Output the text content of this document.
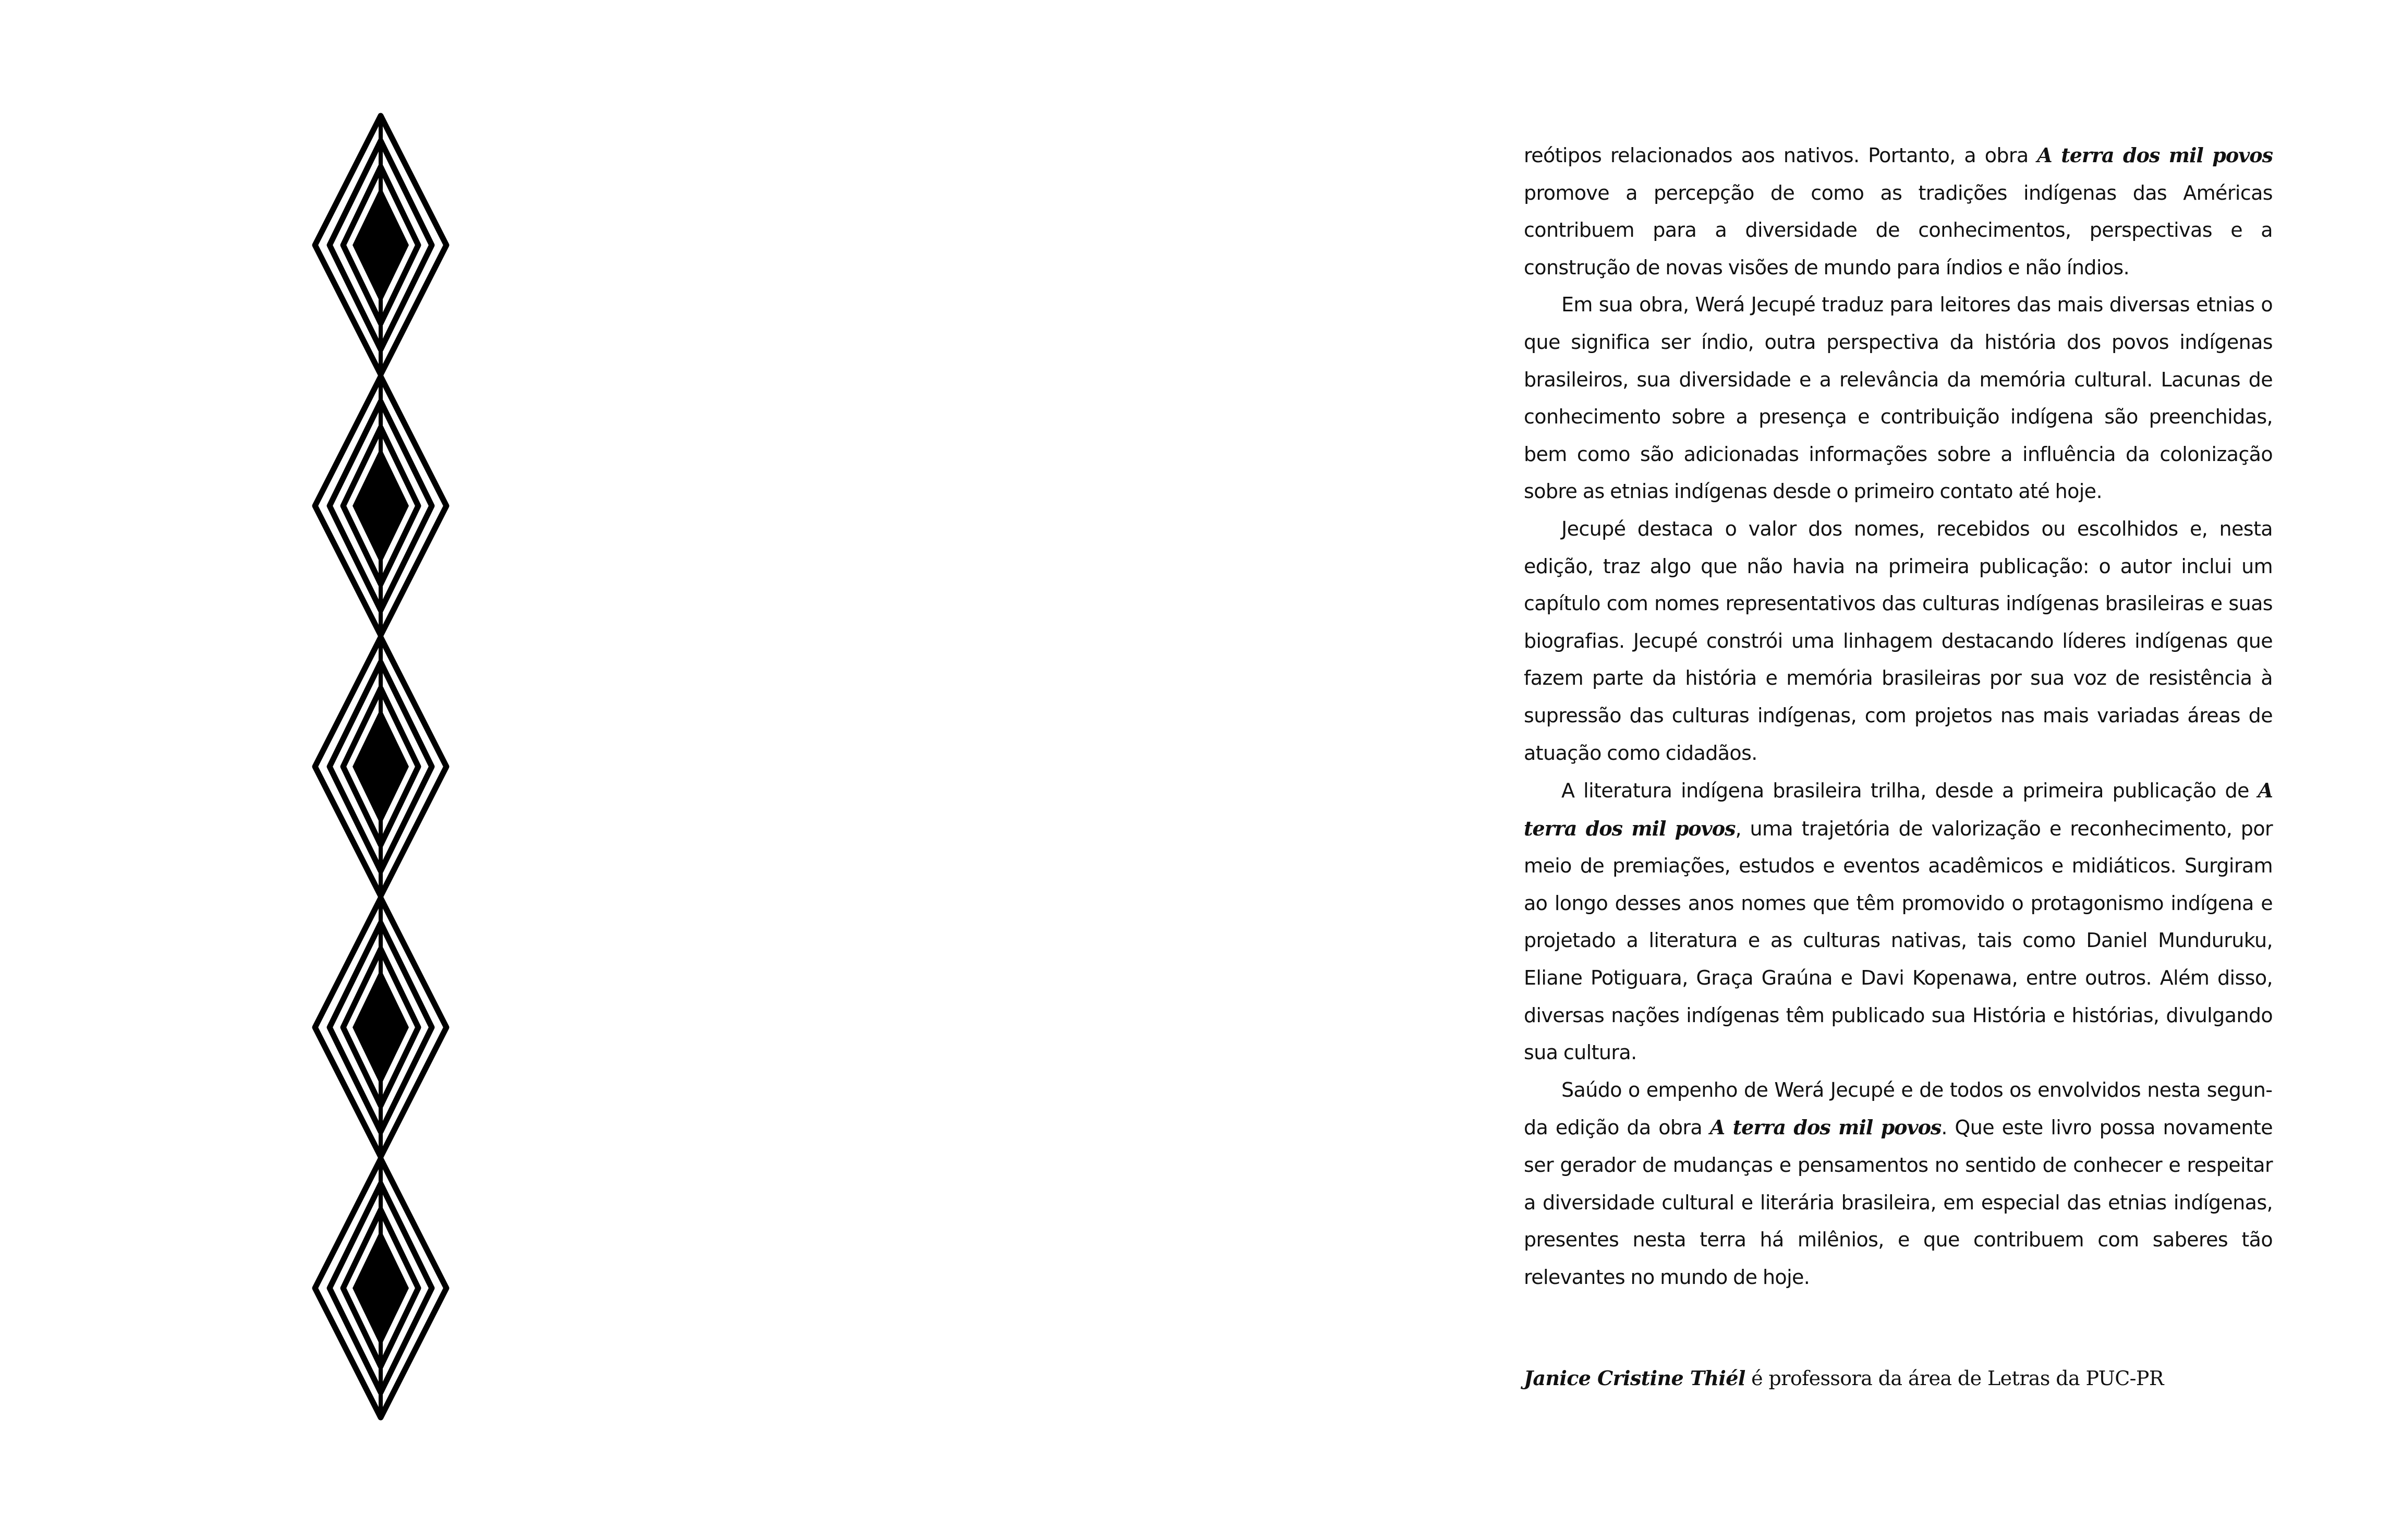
reótipos relacionados aos nativos. Portanto, a obra A terra dos mil povos promove a percepção de como as tradições indígenas das Américas contribuem para a diversidade de conhecimentos, perspectivas e a construção de novas visões de mundo para índios e não índios.

Em sua obra, Werá Jecupé traduz para leitores das mais diversas etnias o que significa ser índio, outra perspectiva da história dos povos indígenas brasileiros, sua diversidade e a relevância da memória cultural. Lacunas de conhecimento sobre a presença e contribuição indígena são preenchidas, bem como são adicionadas informações sobre a influência da colonização sobre as etnias indígenas desde o primeiro contato até hoje.

Jecupé destaca o valor dos nomes, recebidos ou escolhidos e, nesta edição, traz algo que não havia na primeira publicação: o autor inclui um capítulo com nomes representativos das culturas indígenas brasileiras e suas biografias. Jecupé constrói uma linhagem destacando líderes indígenas que fazem parte da história e memória brasileiras por sua voz de resistência à supressão das culturas indígenas, com projetos nas mais variadas áreas de atuação como cidadãos.

A literatura indígena brasileira trilha, desde a primeira publicação de A terra dos mil povos, uma trajetória de valorização e reconhecimento, por meio de premiações, estudos e eventos acadêmicos e midiáticos. Surgiram ao longo desses anos nomes que têm promovido o protagonismo indígena e projetado a literatura e as culturas nativas, tais como Daniel Munduruku, Eliane Potiguara, Graça Graúna e Davi Kopenawa, entre outros. Além disso, diversas nações indígenas têm publicado sua História e histórias, divulgando sua cultura.

Saúdo o empenho de Werá Jecupé e de todos os envolvidos nesta segunda edição da obra A terra dos mil povos. Que este livro possa novamente ser gerador de mudanças e pensamentos no sentido de conhecer e respeitar a diversidade cultural e literária brasileira, em especial das etnias indígenas, presentes nesta terra há milênios, e que contribuem com saberes tão relevantes no mundo de hoje.

Janice Cristine Thiél é professora da área de Letras da PUC-PR
